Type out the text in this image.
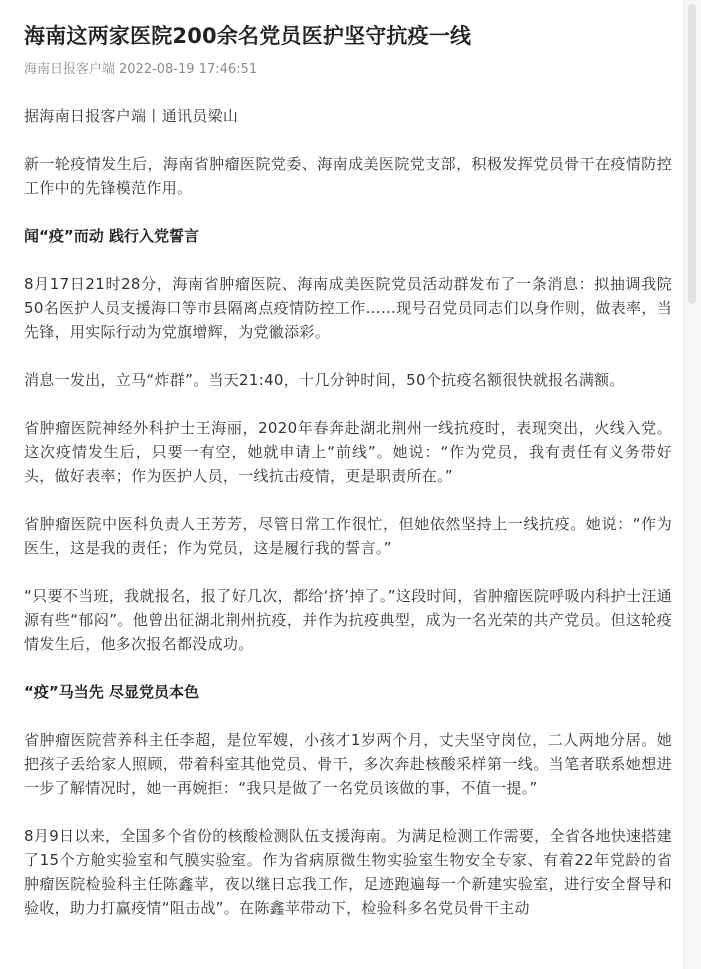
海南这两家医院200余名党员医护坚守抗疫一线
海南日报客户端 2022-08-19 17:46:51

据海南日报客户端丨通讯员梁山

新一轮疫情发生后，海南省肿瘤医院党委、海南成美医院党支部，积极发挥党员骨干在疫情防控工作中的先锋模范作用。

闻“疫”而动 践行入党誓言

8月17日21时28分，海南省肿瘤医院、海南成美医院党员活动群发布了一条消息：拟抽调我院50名医护人员支援海口等市县隔离点疫情防控工作……现号召党员同志们以身作则，做表率，当先锋，用实际行动为党旗增辉，为党徽添彩。

消息一发出，立马“炸群”。当天21:40，十几分钟时间，50个抗疫名额很快就报名满额。

省肿瘤医院神经外科护士王海丽，2020年春奔赴湖北荆州一线抗疫时，表现突出，火线入党。这次疫情发生后，只要一有空，她就申请上“前线”。她说：“作为党员，我有责任有义务带好头，做好表率；作为医护人员，一线抗击疫情，更是职责所在。”

省肿瘤医院中医科负责人王芳芳，尽管日常工作很忙，但她依然坚持上一线抗疫。她说：“作为医生，这是我的责任；作为党员，这是履行我的誓言。”

“只要不当班，我就报名，报了好几次，都给‘挤’掉了。”这段时间，省肿瘤医院呼吸内科护士汪通源有些“郁闷”。他曾出征湖北荆州抗疫，并作为抗疫典型，成为一名光荣的共产党员。但这轮疫情发生后，他多次报名都没成功。

“疫”马当先 尽显党员本色

省肿瘤医院营养科主任李超，是位军嫂，小孩才1岁两个月，丈夫坚守岗位，二人两地分居。她把孩子丢给家人照顾，带着科室其他党员、骨干，多次奔赴核酸采样第一线。当笔者联系她想进一步了解情况时，她一再婉拒：“我只是做了一名党员该做的事，不值一提。”

8月9日以来，全国多个省份的核酸检测队伍支援海南。为满足检测工作需要，全省各地快速搭建了15个方舱实验室和气膜实验室。作为省病原微生物实验室生物安全专家、有着22年党龄的省肿瘤医院检验科主任陈鑫苹，夜以继日忘我工作，足迹跑遍每一个新建实验室，进行安全督导和验收，助力打赢疫情“阻击战”。在陈鑫苹带动下，检验科多名党员骨干主动
